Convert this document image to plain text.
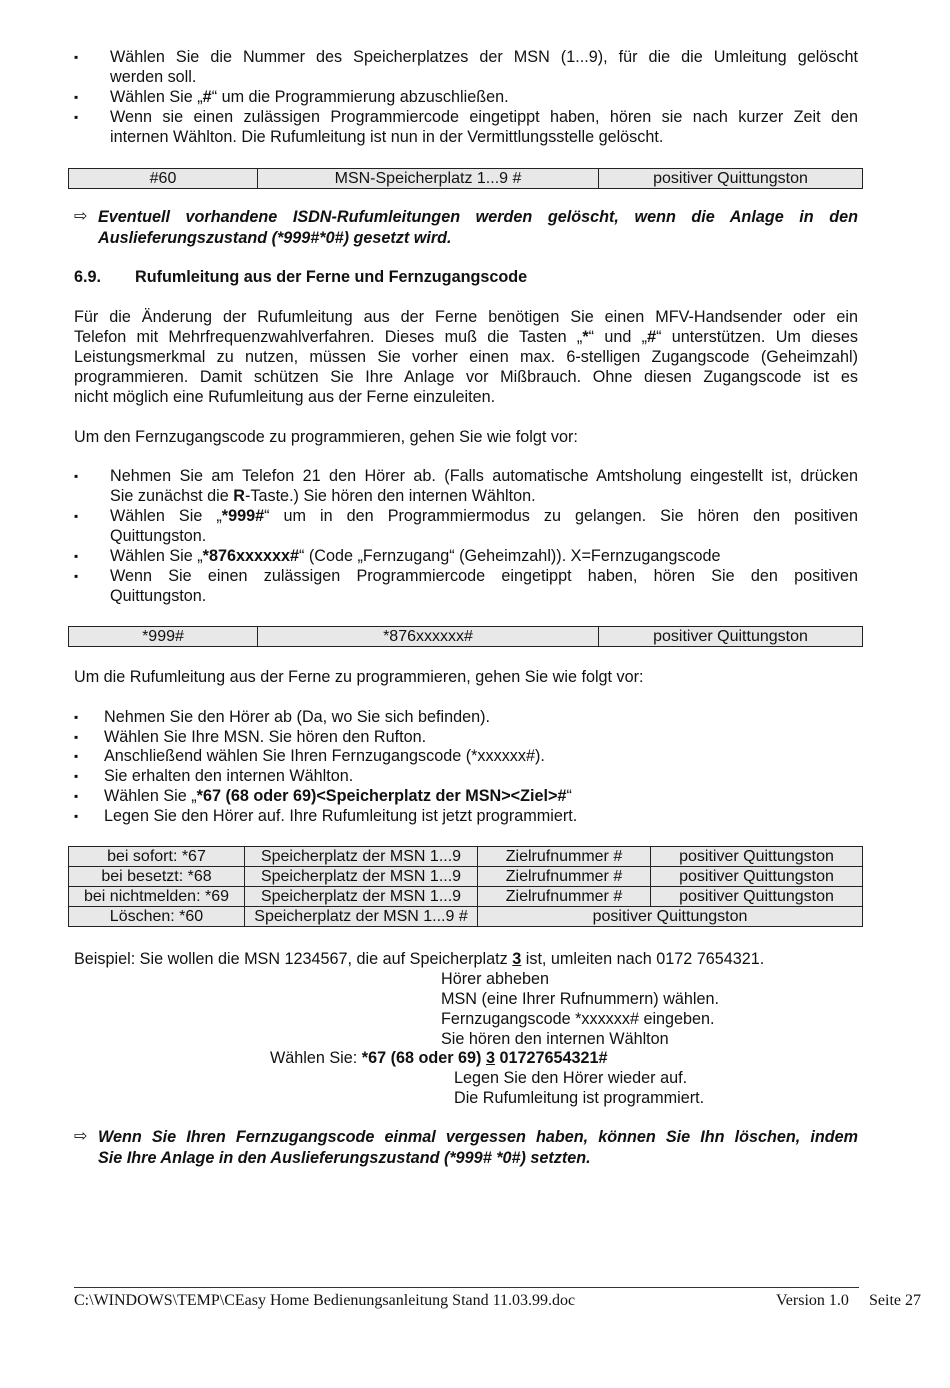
▪	Wählen Sie die Nummer des Speicherplatzes der MSN (1...9), für die die Umleitung gelöscht
werden soll.
▪	Wählen Sie „#“ um die Programmierung abzuschließen.
▪	Wenn sie einen zulässigen Programmiercode eingetippt haben, hören sie nach kurzer Zeit den
internen Wählton. Die Rufumleitung ist nun in der Vermittlungsstelle gelöscht.
#60	MSN-Speicherplatz 1...9 #	positiver Quittungston
⇨ Eventuell vorhandene ISDN-Rufumleitungen werden gelöscht, wenn die Anlage in den
Auslieferungszustand (*999#*0#) gesetzt wird.
6.9. Rufumleitung aus der Ferne und Fernzugangscode
Für die Änderung der Rufumleitung aus der Ferne benötigen Sie einen MFV-Handsender oder ein
Telefon mit Mehrfrequenzwahlverfahren. Dieses muß die Tasten „*“ und „#“ unterstützen. Um dieses
Leistungsmerkmal zu nutzen, müssen Sie vorher einen max. 6-stelligen Zugangscode (Geheimzahl)
programmieren. Damit schützen Sie Ihre Anlage vor Mißbrauch. Ohne diesen Zugangscode ist es
nicht möglich eine Rufumleitung aus der Ferne einzuleiten.
Um den Fernzugangscode zu programmieren, gehen Sie wie folgt vor:
▪	Nehmen Sie am Telefon 21 den Hörer ab. (Falls automatische Amtsholung eingestellt ist, drücken
Sie zunächst die R-Taste.) Sie hören den internen Wählton.
▪	Wählen Sie „*999#“ um in den Programmiermodus zu gelangen. Sie hören den positiven
Quittungston.
▪	Wählen Sie „*876xxxxxx#“ (Code „Fernzugang“ (Geheimzahl)). X=Fernzugangscode
▪	Wenn Sie einen zulässigen Programmiercode eingetippt haben, hören Sie den positiven
Quittungston.
*999#	*876xxxxxx#	positiver Quittungston
Um die Rufumleitung aus der Ferne zu programmieren, gehen Sie wie folgt vor:
▪	Nehmen Sie den Hörer ab (Da, wo Sie sich befinden).
▪	Wählen Sie Ihre MSN. Sie hören den Rufton.
▪	Anschließend wählen Sie Ihren Fernzugangscode (*xxxxxx#).
▪	Sie erhalten den internen Wählton.
▪	Wählen Sie „*67 (68 oder 69)<Speicherplatz der MSN><Ziel>#“
▪	Legen Sie den Hörer auf. Ihre Rufumleitung ist jetzt programmiert.
bei sofort: *67	Speicherplatz der MSN 1...9	Zielrufnummer #	positiver Quittungston
bei besetzt: *68	Speicherplatz der MSN 1...9	Zielrufnummer #	positiver Quittungston
bei nichtmelden: *69	Speicherplatz der MSN 1...9	Zielrufnummer #	positiver Quittungston
Löschen: *60	Speicherplatz der MSN 1...9 #	positiver Quittungston	
Beispiel: Sie wollen die MSN 1234567, die auf Speicherplatz 3 ist, umleiten nach 0172 7654321.
Hörer abheben
MSN (eine Ihrer Rufnummern) wählen.
Fernzugangscode *xxxxxx# eingeben.
Sie hören den internen Wählton
Wählen Sie: *67 (68 oder 69) 3 01727654321#
Legen Sie den Hörer wieder auf.
Die Rufumleitung ist programmiert.
⇨ Wenn Sie Ihren Fernzugangscode einmal vergessen haben, können Sie Ihn löschen, indem
Sie Ihre Anlage in den Auslieferungszustand (*999# *0#) setzten.
C:\WINDOWS\TEMP\CEasy Home Bedienungsanleitung Stand 11.03.99.doc	Version 1.0 Seite 27
